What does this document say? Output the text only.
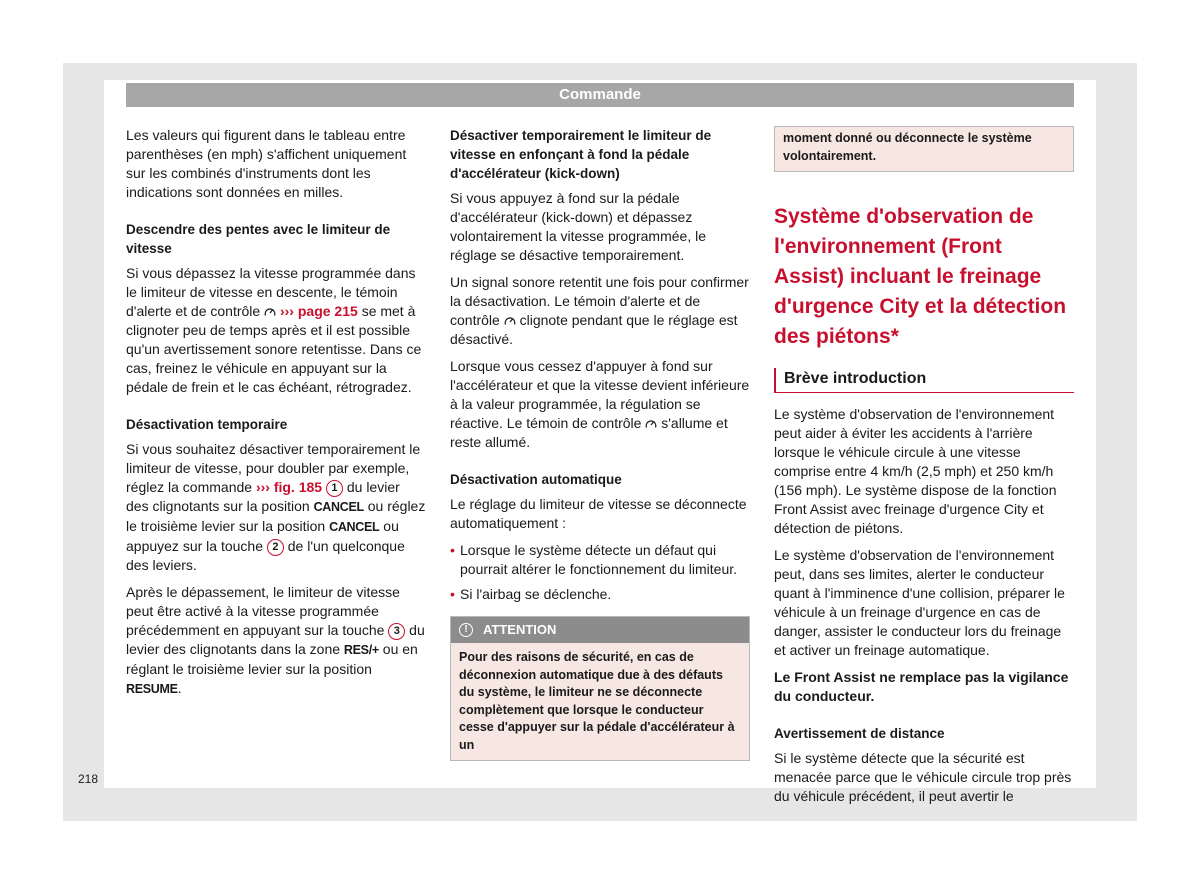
Commande

Les valeurs qui figurent dans le tableau entre parenthèses (en mph) s'affichent uniquement sur les combinés d'instruments dont les indications sont données en milles.

Descendre des pentes avec le limiteur de vitesse

Si vous dépassez la vitesse programmée dans le limiteur de vitesse en descente, le témoin d'alerte et de contrôle ››› page 215 se met à clignoter peu de temps après et il est possible qu'un avertissement sonore retentisse. Dans ce cas, freinez le véhicule en appuyant sur la pédale de frein et le cas échéant, rétrogradez.

Désactivation temporaire

Si vous souhaitez désactiver temporairement le limiteur de vitesse, pour doubler par exemple, réglez la commande ››› fig. 185 1 du levier des clignotants sur la position CANCEL ou réglez le troisième levier sur la position CANCEL ou appuyez sur la touche 2 de l'un quelconque des leviers.

Après le dépassement, le limiteur de vitesse peut être activé à la vitesse programmée précédemment en appuyant sur la touche 3 du levier des clignotants dans la zone RES/+ ou en réglant le troisième levier sur la position RESUME.

Désactiver temporairement le limiteur de vitesse en enfonçant à fond la pédale d'accélérateur (kick-down)

Si vous appuyez à fond sur la pédale d'accélérateur (kick-down) et dépassez volontairement la vitesse programmée, le réglage se désactive temporairement.

Un signal sonore retentit une fois pour confirmer la désactivation. Le témoin d'alerte et de contrôle clignote pendant que le réglage est désactivé.

Lorsque vous cessez d'appuyer à fond sur l'accélérateur et que la vitesse devient inférieure à la valeur programmée, la régulation se réactive. Le témoin de contrôle s'allume et reste allumé.

Désactivation automatique

Le réglage du limiteur de vitesse se déconnecte automatiquement :

• Lorsque le système détecte un défaut qui pourrait altérer le fonctionnement du limiteur.
• Si l'airbag se déclenche.
!	ATTENTION
Pour des raisons de sécurité, en cas de déconnexion automatique due à des défauts du système, le limiteur ne se déconnecte complètement que lorsque le conducteur cesse d'appuyer sur la pédale d'accélérateur à un
moment donné ou déconnecte le système volontairement.
Système d'observation de l'environnement (Front Assist) incluant le freinage d'urgence City et la détection des piétons*
Brève introduction

Le système d'observation de l'environnement peut aider à éviter les accidents à l'arrière lorsque le véhicule circule à une vitesse comprise entre 4 km/h (2,5 mph) et 250 km/h (156 mph). Le système dispose de la fonction Front Assist avec freinage d'urgence City et détection de piétons.

Le système d'observation de l'environnement peut, dans ses limites, alerter le conducteur quant à l'imminence d'une collision, préparer le véhicule à un freinage d'urgence en cas de danger, assister le conducteur lors du freinage et activer un freinage automatique.

Le Front Assist ne remplace pas la vigilance du conducteur.

Avertissement de distance

Si le système détecte que la sécurité est menacée parce que le véhicule circule trop près du véhicule précédent, il peut avertir le

218
